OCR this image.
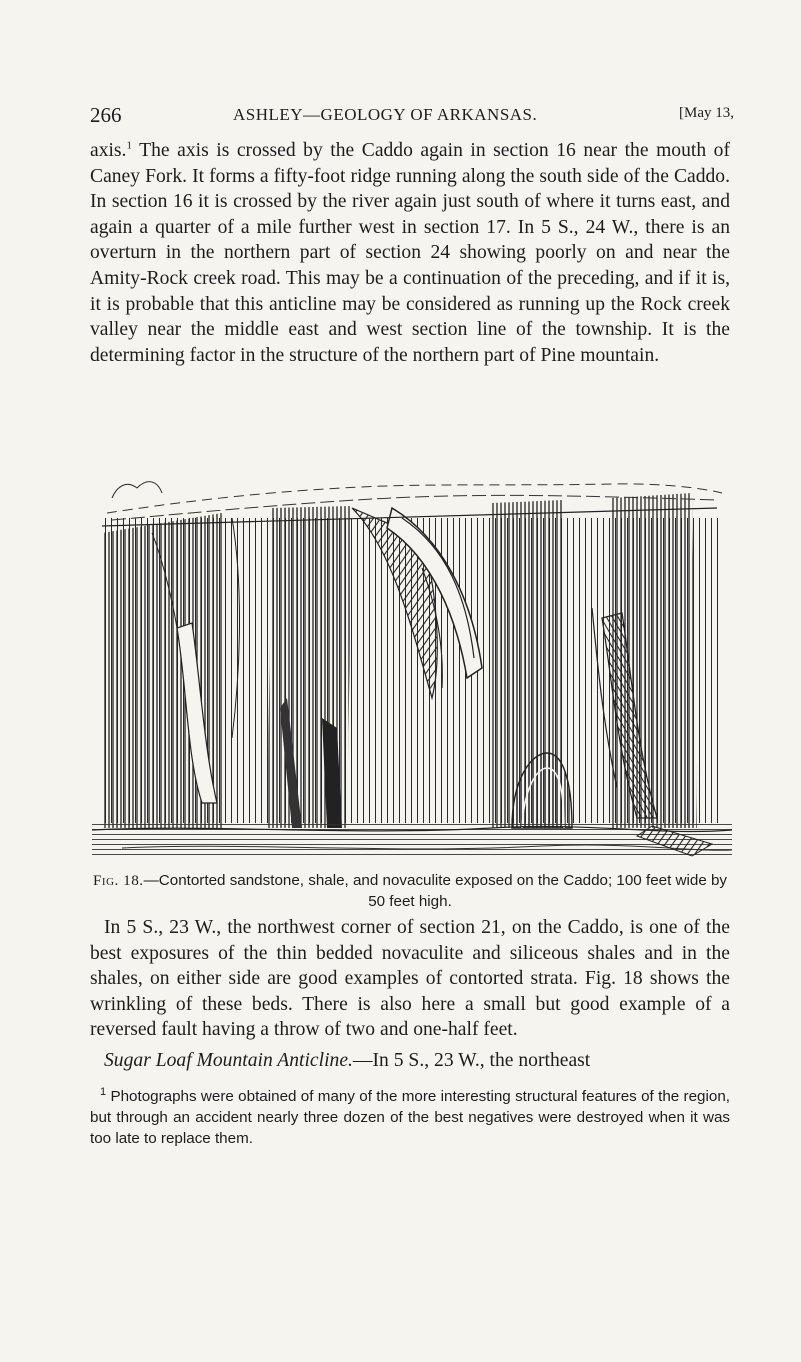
266	ASHLEY—GEOLOGY OF ARKANSAS.	[May 13,

axis.$^1$ The axis is crossed by the Caddo again in section 16 near the mouth of Caney Fork. It forms a fifty-foot ridge running along the south side of the Caddo. In section 16 it is crossed by the river again just south of where it turns east, and again a quarter of a mile further west in section 17. In 5 S., 24 W., there is an overturn in the northern part of section 24 showing poorly on and near the Amity-Rock creek road. This may be a continuation of the preceding, and if it is, it is probable that this anticline may be considered as running up the Rock creek valley near the middle east and west section line of the township. It is the determining factor in the structure of the northern part of Pine mountain.

Fig. 18.—Contorted sandstone, shale, and novaculite exposed on the Caddo; 100 feet wide by 50 feet high.

In 5 S., 23 W., the northwest corner of section 21, on the Caddo, is one of the best exposures of the thin bedded novaculite and siliceous shales and in the shales, on either side are good examples of contorted strata. Fig. 18 shows the wrinkling of these beds. There is also here a small but good example of a reversed fault having a throw of two and one-half feet.

Sugar Loaf Mountain Anticline.—In 5 S., 23 W., the northeast

$^1$ Photographs were obtained of many of the more interesting structural features of the region, but through an accident nearly three dozen of the best negatives were destroyed when it was too late to replace them.
